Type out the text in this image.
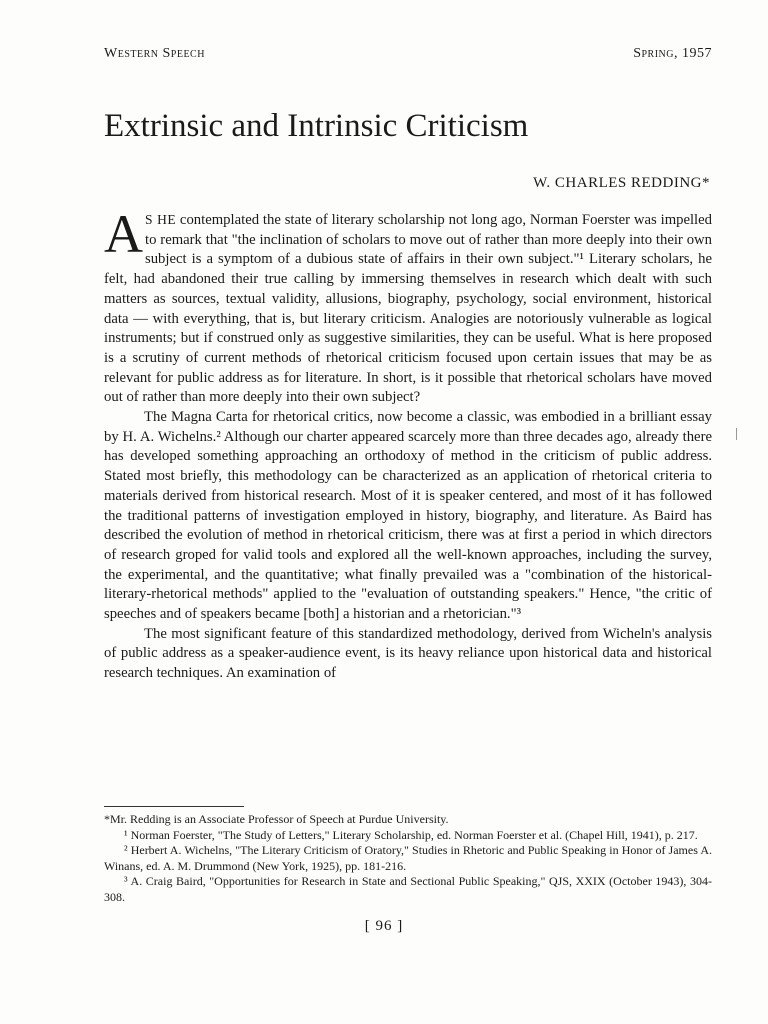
Western Speech	Spring, 1957
Extrinsic and Intrinsic Criticism
W. CHARLES REDDING*

AS HE contemplated the state of literary scholarship not long ago, Norman Foerster was impelled to remark that "the inclination of scholars to move out of rather than more deeply into their own subject is a symptom of a dubious state of affairs in their own subject."¹ Literary scholars, he felt, had abandoned their true calling by immersing themselves in research which dealt with such matters as sources, textual validity, allusions, biography, psychology, social environment, historical data — with everything, that is, but literary criticism. Analogies are notoriously vulnerable as logical instruments; but if construed only as suggestive similarities, they can be useful. What is here proposed is a scrutiny of current methods of rhetorical criticism focused upon certain issues that may be as relevant for public address as for literature. In short, is it possible that rhetorical scholars have moved out of rather than more deeply into their own subject?

The Magna Carta for rhetorical critics, now become a classic, was embodied in a brilliant essay by H. A. Wichelns.² Although our charter appeared scarcely more than three decades ago, already there has developed something approaching an orthodoxy of method in the criticism of public address. Stated most briefly, this methodology can be characterized as an application of rhetorical criteria to materials derived from historical research. Most of it is speaker centered, and most of it has followed the traditional patterns of investigation employed in history, biography, and literature. As Baird has described the evolution of method in rhetorical criticism, there was at first a period in which directors of research groped for valid tools and explored all the well-known approaches, including the survey, the experimental, and the quantitative; what finally prevailed was a "combination of the historical-literary-rhetorical methods" applied to the "evaluation of outstanding speakers." Hence, "the critic of speeches and of speakers became [both] a historian and a rhetorician."³

The most significant feature of this standardized methodology, derived from Wicheln's analysis of public address as a speaker-audience event, is its heavy reliance upon historical data and historical research techniques. An examination of

*Mr. Redding is an Associate Professor of Speech at Purdue University.

¹ Norman Foerster, "The Study of Letters," Literary Scholarship, ed. Norman Foerster et al. (Chapel Hill, 1941), p. 217.

² Herbert A. Wichelns, "The Literary Criticism of Oratory," Studies in Rhetoric and Public Speaking in Honor of James A. Winans, ed. A. M. Drummond (New York, 1925), pp. 181-216.

³ A. Craig Baird, "Opportunities for Research in State and Sectional Public Speaking," QJS, XXIX (October 1943), 304-308.

[ 96 ]
